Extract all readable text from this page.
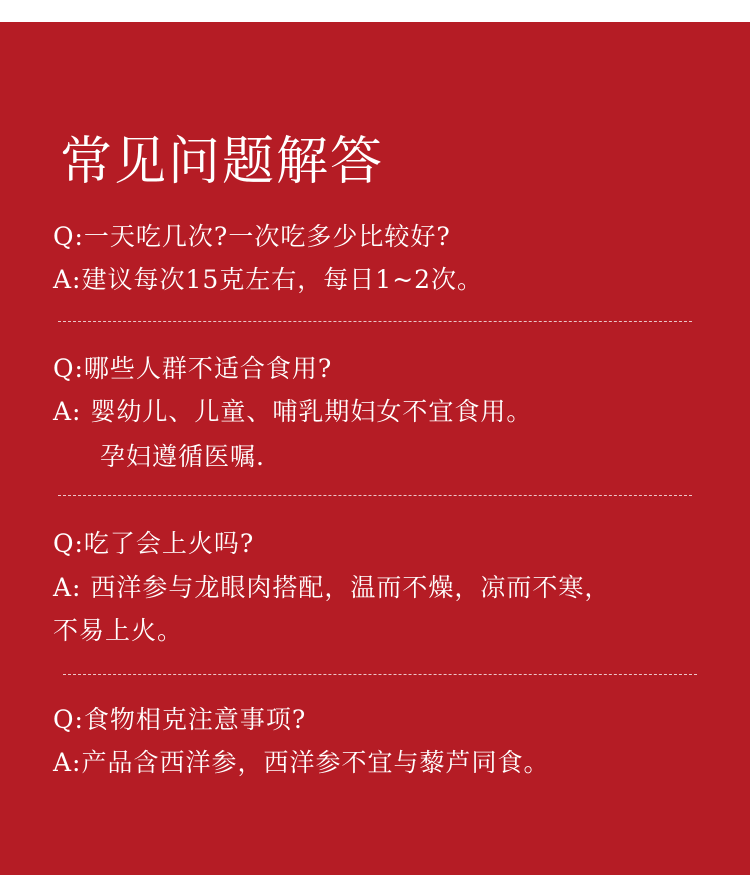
常见问题解答
Q:一天吃几次?一次吃多少比较好?
A:建议每次15克左右，每日1~2次。
Q:哪些人群不适合食用?
A: 婴幼儿、儿童、哺乳期妇女不宜食用。
孕妇遵循医嘱.
Q:吃了会上火吗?
A: 西洋参与龙眼肉搭配，温而不燥，凉而不寒，
不易上火。
Q:食物相克注意事项?
A:产品含西洋参，西洋参不宜与藜芦同食。
